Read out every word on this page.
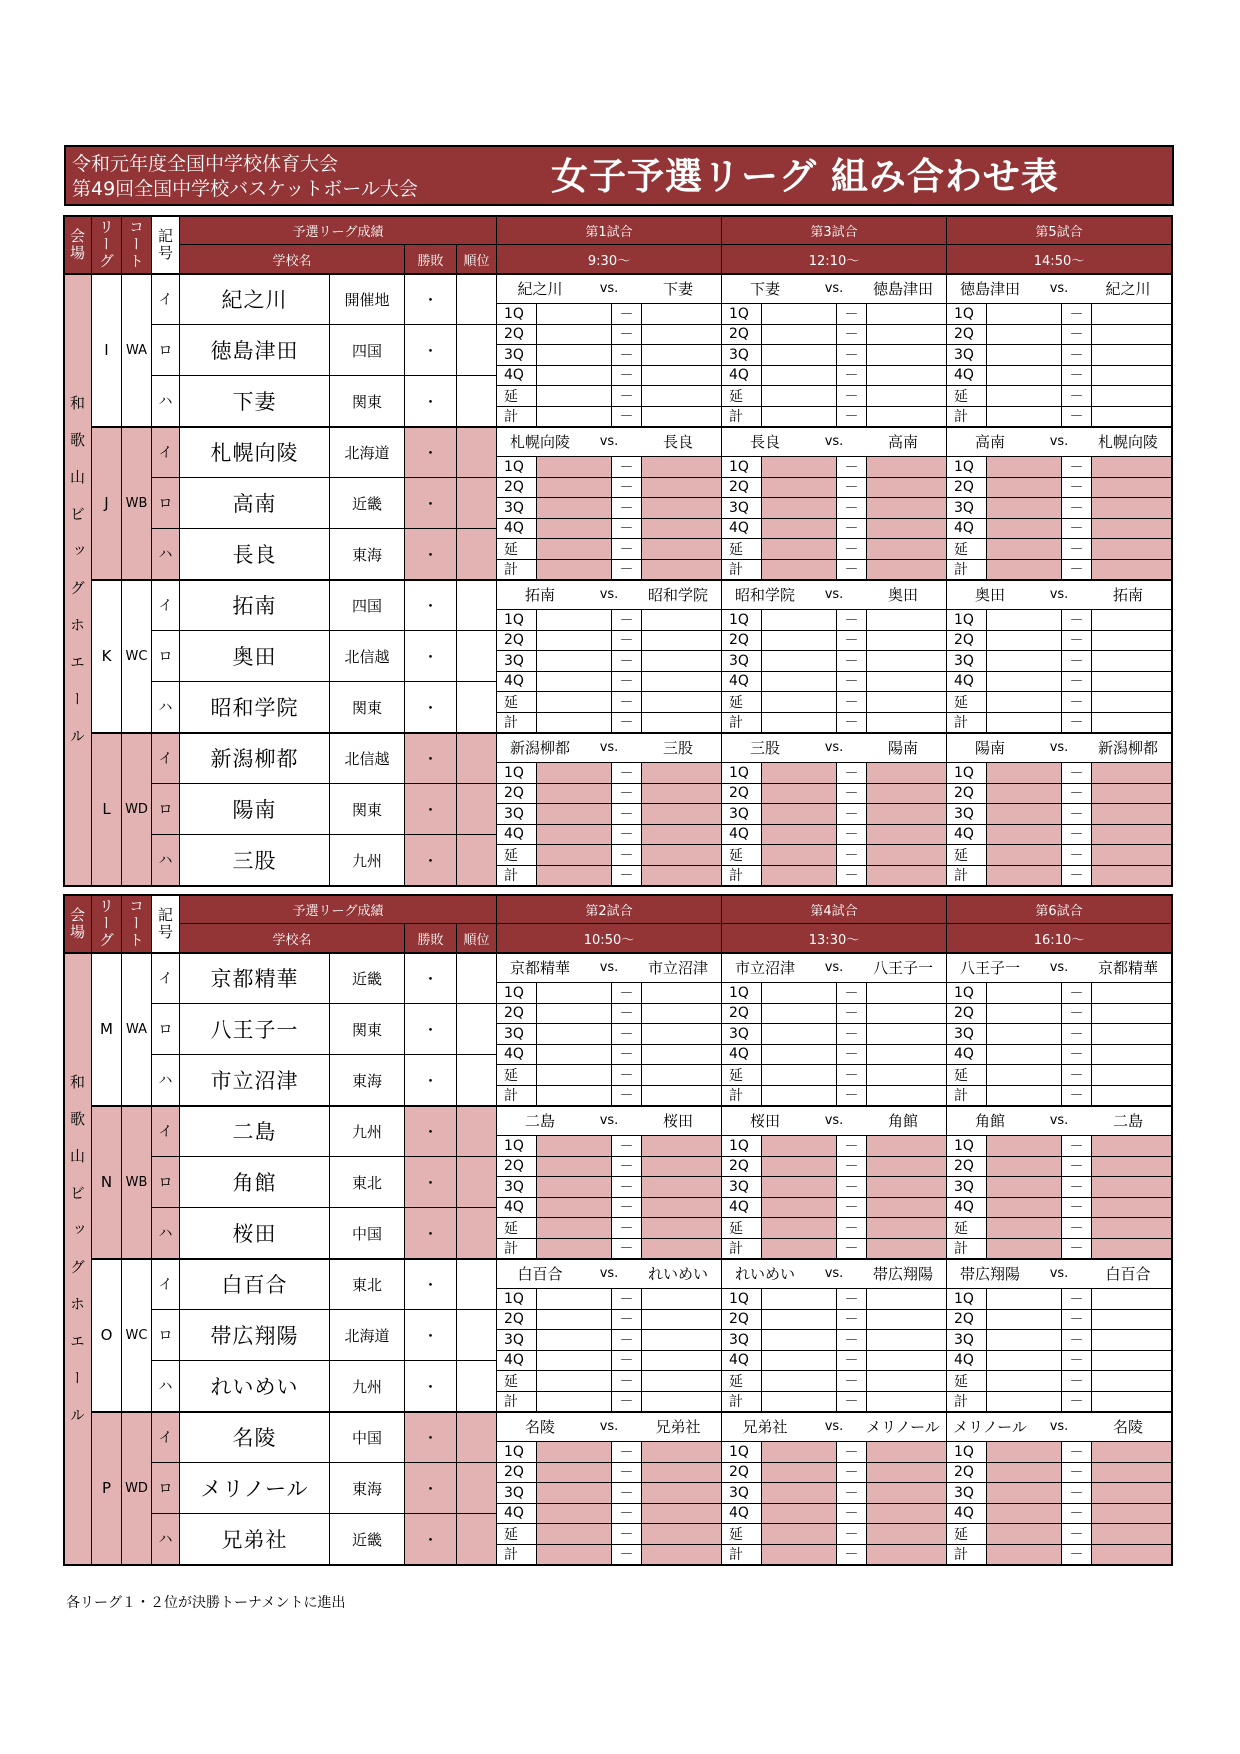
令和元年度全国中学校体育大会
第49回全国中学校バスケットボール大会	女子予選リーグ 組み合わせ表
会場 リーグ コート 記号	予選リーグ成績
学校名	勝敗	順位
第1試合
9:30～
第3試合
12:10～
第5試合
14:50～
和歌山ビッグホエール
I	WA
イ	紀之川	開催地	・
ロ	徳島津田	四国	・
ハ	下妻	関東	・
紀之川	vs.	下妻
1Q	－
2Q	－
3Q	－
4Q	－
延	－
計	－
下妻	vs.	徳島津田
1Q	－
2Q	－
3Q	－
4Q	－
延	－
計	－
徳島津田	vs.	紀之川
1Q	－
2Q	－
3Q	－
4Q	－
延	－
計	－
J	WB
イ	札幌向陵	北海道	・
ロ	高南	近畿	・
ハ	長良	東海	・
札幌向陵	vs.	長良
1Q	－
2Q	－
3Q	－
4Q	－
延	－
計	－
長良	vs.	高南
1Q	－
2Q	－
3Q	－
4Q	－
延	－
計	－
高南	vs.	札幌向陵
1Q	－
2Q	－
3Q	－
4Q	－
延	－
計	－
K	WC
イ	拓南	四国	・
ロ	奥田	北信越	・
ハ	昭和学院	関東	・
拓南	vs.	昭和学院
1Q	－
2Q	－
3Q	－
4Q	－
延	－
計	－
昭和学院	vs.	奥田
1Q	－
2Q	－
3Q	－
4Q	－
延	－
計	－
奥田	vs.	拓南
1Q	－
2Q	－
3Q	－
4Q	－
延	－
計	－
L	WD
イ	新潟柳都	北信越	・
ロ	陽南	関東	・
ハ	三股	九州	・
新潟柳都	vs.	三股
1Q	－
2Q	－
3Q	－
4Q	－
延	－
計	－
三股	vs.	陽南
1Q	－
2Q	－
3Q	－
4Q	－
延	－
計	－
陽南	vs.	新潟柳都
1Q	－
2Q	－
3Q	－
4Q	－
延	－
計	－
会場 リーグ コート 記号	予選リーグ成績
学校名	勝敗	順位
第2試合
10:50～
第4試合
13:30～
第6試合
16:10～
和歌山ビッグホエール
M	WA
イ	京都精華	近畿	・
ロ	八王子一	関東	・
ハ	市立沼津	東海	・
京都精華	vs.	市立沼津
1Q	－
2Q	－
3Q	－
4Q	－
延	－
計	－
市立沼津	vs.	八王子一
1Q	－
2Q	－
3Q	－
4Q	－
延	－
計	－
八王子一	vs.	京都精華
1Q	－
2Q	－
3Q	－
4Q	－
延	－
計	－
N	WB
イ	二島	九州	・
ロ	角館	東北	・
ハ	桜田	中国	・
二島	vs.	桜田
1Q	－
2Q	－
3Q	－
4Q	－
延	－
計	－
桜田	vs.	角館
1Q	－
2Q	－
3Q	－
4Q	－
延	－
計	－
角館	vs.	二島
1Q	－
2Q	－
3Q	－
4Q	－
延	－
計	－
O	WC
イ	白百合	東北	・
ロ	帯広翔陽	北海道	・
ハ	れいめい	九州	・
白百合	vs.	れいめい
1Q	－
2Q	－
3Q	－
4Q	－
延	－
計	－
れいめい	vs.	帯広翔陽
1Q	－
2Q	－
3Q	－
4Q	－
延	－
計	－
帯広翔陽	vs.	白百合
1Q	－
2Q	－
3Q	－
4Q	－
延	－
計	－
P	WD
イ	名陵	中国	・
ロ	メリノール	東海	・
ハ	兄弟社	近畿	・
名陵	vs.	兄弟社
1Q	－
2Q	－
3Q	－
4Q	－
延	－
計	－
兄弟社	vs. メリノール
1Q	－
2Q	－
3Q	－
4Q	－
延	－
計	－
メリノール	vs.	名陵
1Q	－
2Q	－
3Q	－
4Q	－
延	－
計	－
各リーグ１・２位が決勝トーナメントに進出
